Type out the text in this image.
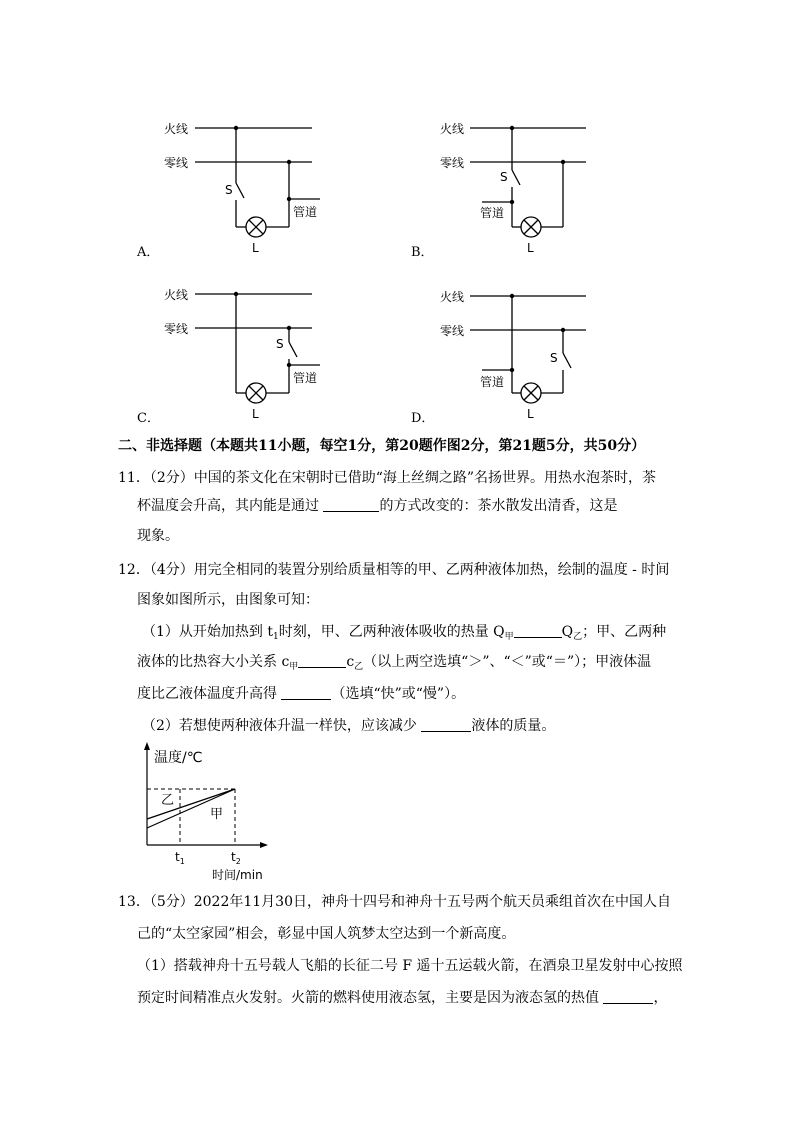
火线
零线
S
管道
L
火线
零线
S
管道
L
火线
零线
S
管道
L
火线
零线
S
管道
L
A．	B．
C．	D．
二、非选择题（本题共11小题，每空1分，第20题作图2分，第21题5分，共50分）
11．（2分）中国的茶文化在宋朝时已借助“海上丝绸之路”名扬世界。用热水泡茶时，茶
杯温度会升高，其内能是通过	的方式改变的：茶水散发出清香，这是
现象。
12．（4分）用完全相同的装置分别给质量相等的甲、乙两种液体加热，绘制的温度 - 时间
图象如图所示，由图象可知：
（1）从开始加热到 $t_1$时刻，甲、乙两种液体吸收的热量 $Q_甲$	$Q_乙$；甲、乙两种
液体的比热容大小关系 $c_甲$	$c_乙$（以上两空选填“＞”、“＜”或“＝”）；甲液体温
度比乙液体温度升高得	（选填“快”或“慢”）。
（2）若想使两种液体升温一样快，应该减少	液体的质量。
温度/℃
乙
甲
$t_1$	$t_2$
时间/min
13．（5分）2022年11月30日，神舟十四号和神舟十五号两个航天员乘组首次在中国人自
己的“太空家园”相会，彰显中国人筑梦太空达到一个新高度。
（1）搭载神舟十五号载人飞船的长征二号 F 遥十五运载火箭，在酒泉卫星发射中心按照
预定时间精准点火发射。火箭的燃料使用液态氢，主要是因为液态氢的热值	，
